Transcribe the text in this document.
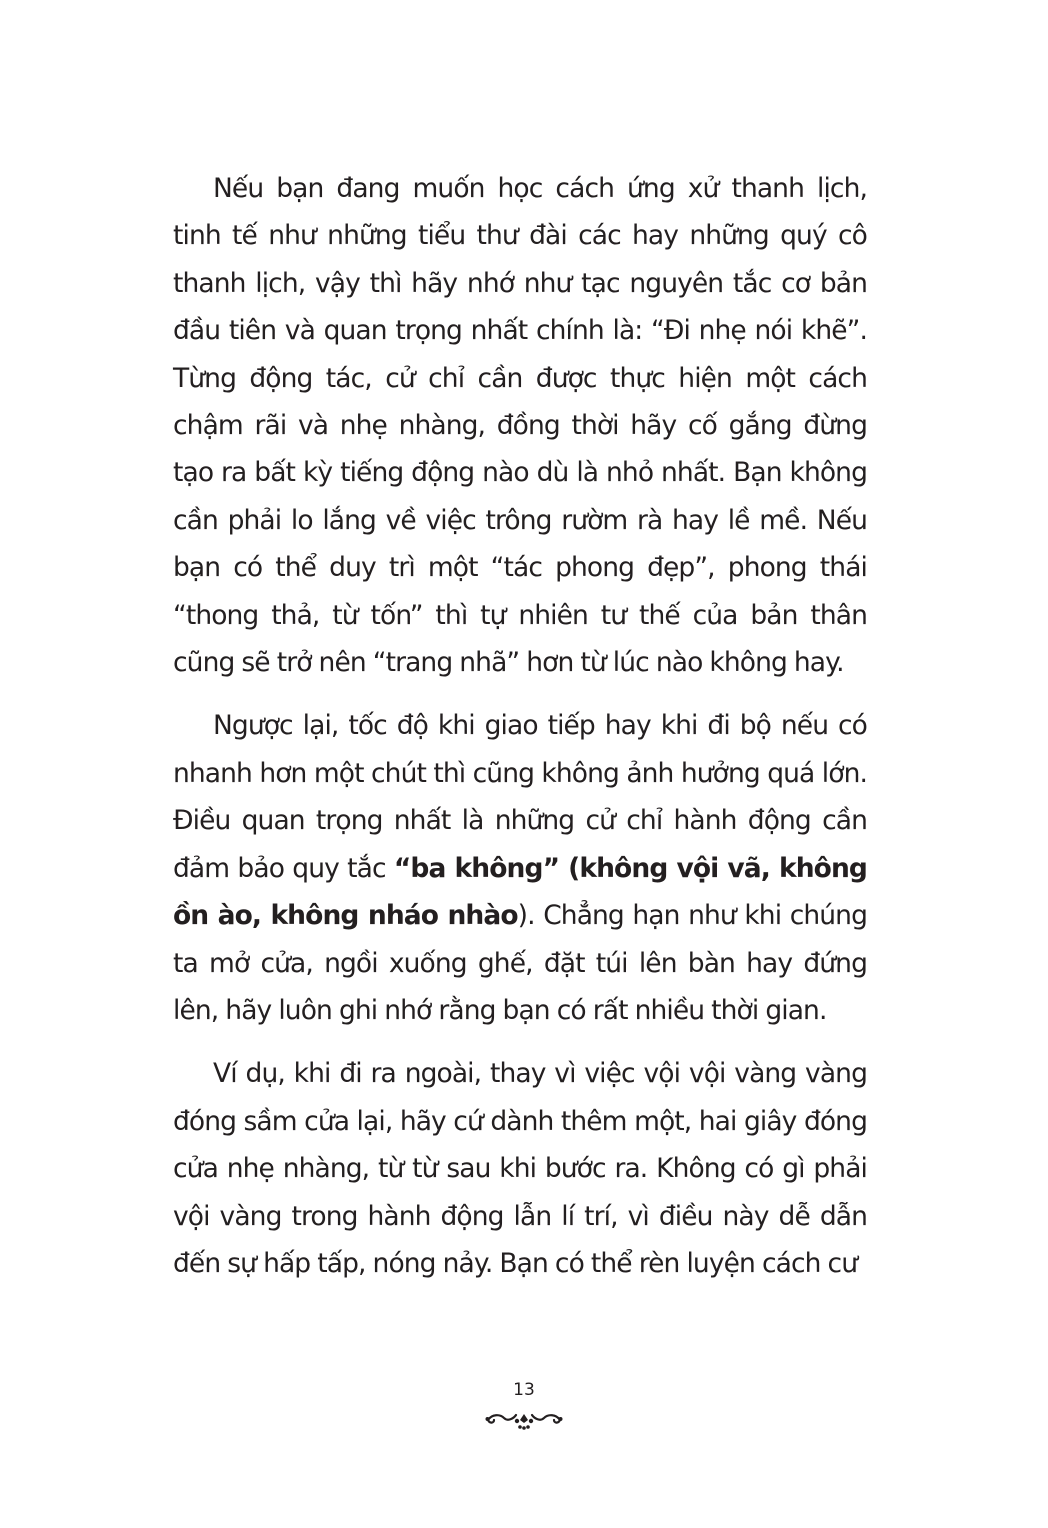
Nếu bạn đang muốn học cách ứng xử thanh lịch, tinh tế như những tiểu thư đài các hay những quý cô thanh lịch, vậy thì hãy nhớ như tạc nguyên tắc cơ bản đầu tiên và quan trọng nhất chính là: “Đi nhẹ nói khẽ”. Từng động tác, cử chỉ cần được thực hiện một cách chậm rãi và nhẹ nhàng, đồng thời hãy cố gắng đừng tạo ra bất kỳ tiếng động nào dù là nhỏ nhất. Bạn không cần phải lo lắng về việc trông rườm rà hay lề mề. Nếu bạn có thể duy trì một “tác phong đẹp”, phong thái “thong thả, từ tốn” thì tự nhiên tư thế của bản thân cũng sẽ trở nên “trang nhã” hơn từ lúc nào không hay.

Ngược lại, tốc độ khi giao tiếp hay khi đi bộ nếu có nhanh hơn một chút thì cũng không ảnh hưởng quá lớn. Điều quan trọng nhất là những cử chỉ hành động cần đảm bảo quy tắc “ba không” (không vội vã, không ồn ào, không nháo nhào). Chẳng hạn như khi chúng ta mở cửa, ngồi xuống ghế, đặt túi lên bàn hay đứng lên, hãy luôn ghi nhớ rằng bạn có rất nhiều thời gian.

Ví dụ, khi đi ra ngoài, thay vì việc vội vội vàng vàng đóng sầm cửa lại, hãy cứ dành thêm một, hai giây đóng cửa nhẹ nhàng, từ từ sau khi bước ra. Không có gì phải vội vàng trong hành động lẫn lí trí, vì điều này dễ dẫn đến sự hấp tấp, nóng nảy. Bạn có thể rèn luyện cách cư

13
